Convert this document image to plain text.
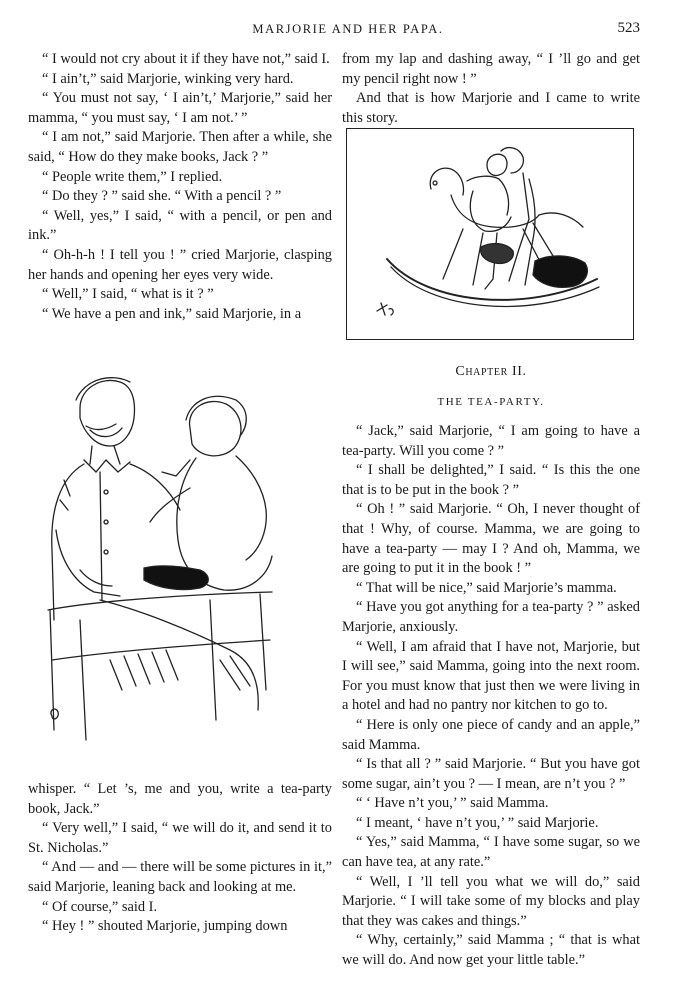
MARJORIE AND HER PAPA.	523

“ I would not cry about it if they have not,” said I.

“ I ain’t,” said Marjorie, winking very hard.

“ You must not say, ‘ I ain’t,’ Marjorie,” said her mamma, “ you must say, ‘ I am not.’ ”

“ I am not,” said Marjorie. Then after a while, she said, “ How do they make books, Jack ? ”

“ People write them,” I replied.

“ Do they ? ” said she. “ With a pencil ? ”

“ Well, yes,” I said, “ with a pencil, or pen and ink.”

“ Oh-h-h ! I tell you ! ” cried Marjorie, clasping her hands and opening her eyes very wide.

“ Well,” I said, “ what is it ? ”

“ We have a pen and ink,” said Marjorie, in a

whisper. “ Let ’s, me and you, write a tea-party book, Jack.”

“ Very well,” I said, “ we will do it, and send it to St. Nicholas.”

“ And — and — there will be some pictures in it,” said Marjorie, leaning back and looking at me.

“ Of course,” said I.

“ Hey ! ” shouted Marjorie, jumping down

from my lap and dashing away, “ I ’ll go and get my pencil right now ! ”

And that is how Marjorie and I came to write this story.

Chapter II.
THE TEA-PARTY.

“ Jack,” said Marjorie, “ I am going to have a tea-party. Will you come ? ”

“ I shall be delighted,” I said. “ Is this the one that is to be put in the book ? ”

“ Oh ! ” said Marjorie. “ Oh, I never thought of that ! Why, of course. Mamma, we are going to have a tea-party — may I ? And oh, Mamma, we are going to put it in the book ! ”

“ That will be nice,” said Marjorie’s mamma.

“ Have you got anything for a tea-party ? ” asked Marjorie, anxiously.

“ Well, I am afraid that I have not, Marjorie, but I will see,” said Mamma, going into the next room. For you must know that just then we were living in a hotel and had no pantry nor kitchen to go to.

“ Here is only one piece of candy and an apple,” said Mamma.

“ Is that all ? ” said Marjorie. “ But you have got some sugar, ain’t you ? — I mean, are n’t you ? ”

“ ‘ Have n’t you,’ ” said Mamma.

“ I meant, ‘ have n’t you,’ ” said Marjorie.

“ Yes,” said Mamma, “ I have some sugar, so we can have tea, at any rate.”

“ Well, I ’ll tell you what we will do,” said Marjorie. “ I will take some of my blocks and play that they was cakes and things.”

“ Why, certainly,” said Mamma ; “ that is what we will do. And now get your little table.”
